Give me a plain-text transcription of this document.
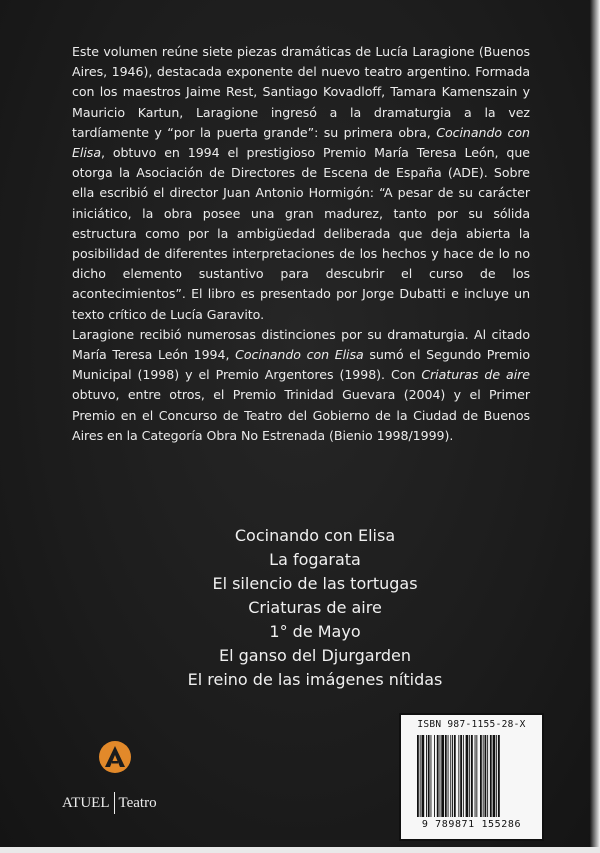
Este volumen reúne siete piezas dramáticas de Lucía Laragione (Buenos Aires, 1946), destacada exponente del nuevo teatro argentino. Formada con los maestros Jaime Rest, Santiago Kovadloff, Tamara Kamenszain y Mauricio Kartun, Laragione ingresó a la dramaturgia a la vez tardíamente y “por la puerta grande”: su primera obra, Cocinando con Elisa, obtuvo en 1994 el prestigioso Premio María Teresa León, que otorga la Asociación de Directores de Escena de España (ADE). Sobre ella escribió el director Juan Antonio Hormigón: “A pesar de su carácter iniciático, la obra posee una gran madurez, tanto por su sólida estructura como por la ambigüedad deliberada que deja abierta la posibilidad de diferentes interpretaciones de los hechos y hace de lo no dicho elemento sustantivo para descubrir el curso de los acontecimientos”. El libro es presentado por Jorge Dubatti e incluye un texto crítico de Lucía Garavito.

Laragione recibió numerosas distinciones por su dramaturgia. Al citado María Teresa León 1994, Cocinando con Elisa sumó el Segundo Premio Municipal (1998) y el Premio Argentores (1998). Con Criaturas de aire obtuvo, entre otros, el Premio Trinidad Guevara (2004) y el Primer Premio en el Concurso de Teatro del Gobierno de la Ciudad de Buenos Aires en la Categoría Obra No Estrenada (Bienio 1998/1999).

Cocinando con Elisa
La fogarata
El silencio de las tortugas
Criaturas de aire
1° de Mayo
El ganso del Djurgarden
El reino de las imágenes nítidas
ATUEL Teatro
ISBN 987-1155-28-X
9 789871 155286
